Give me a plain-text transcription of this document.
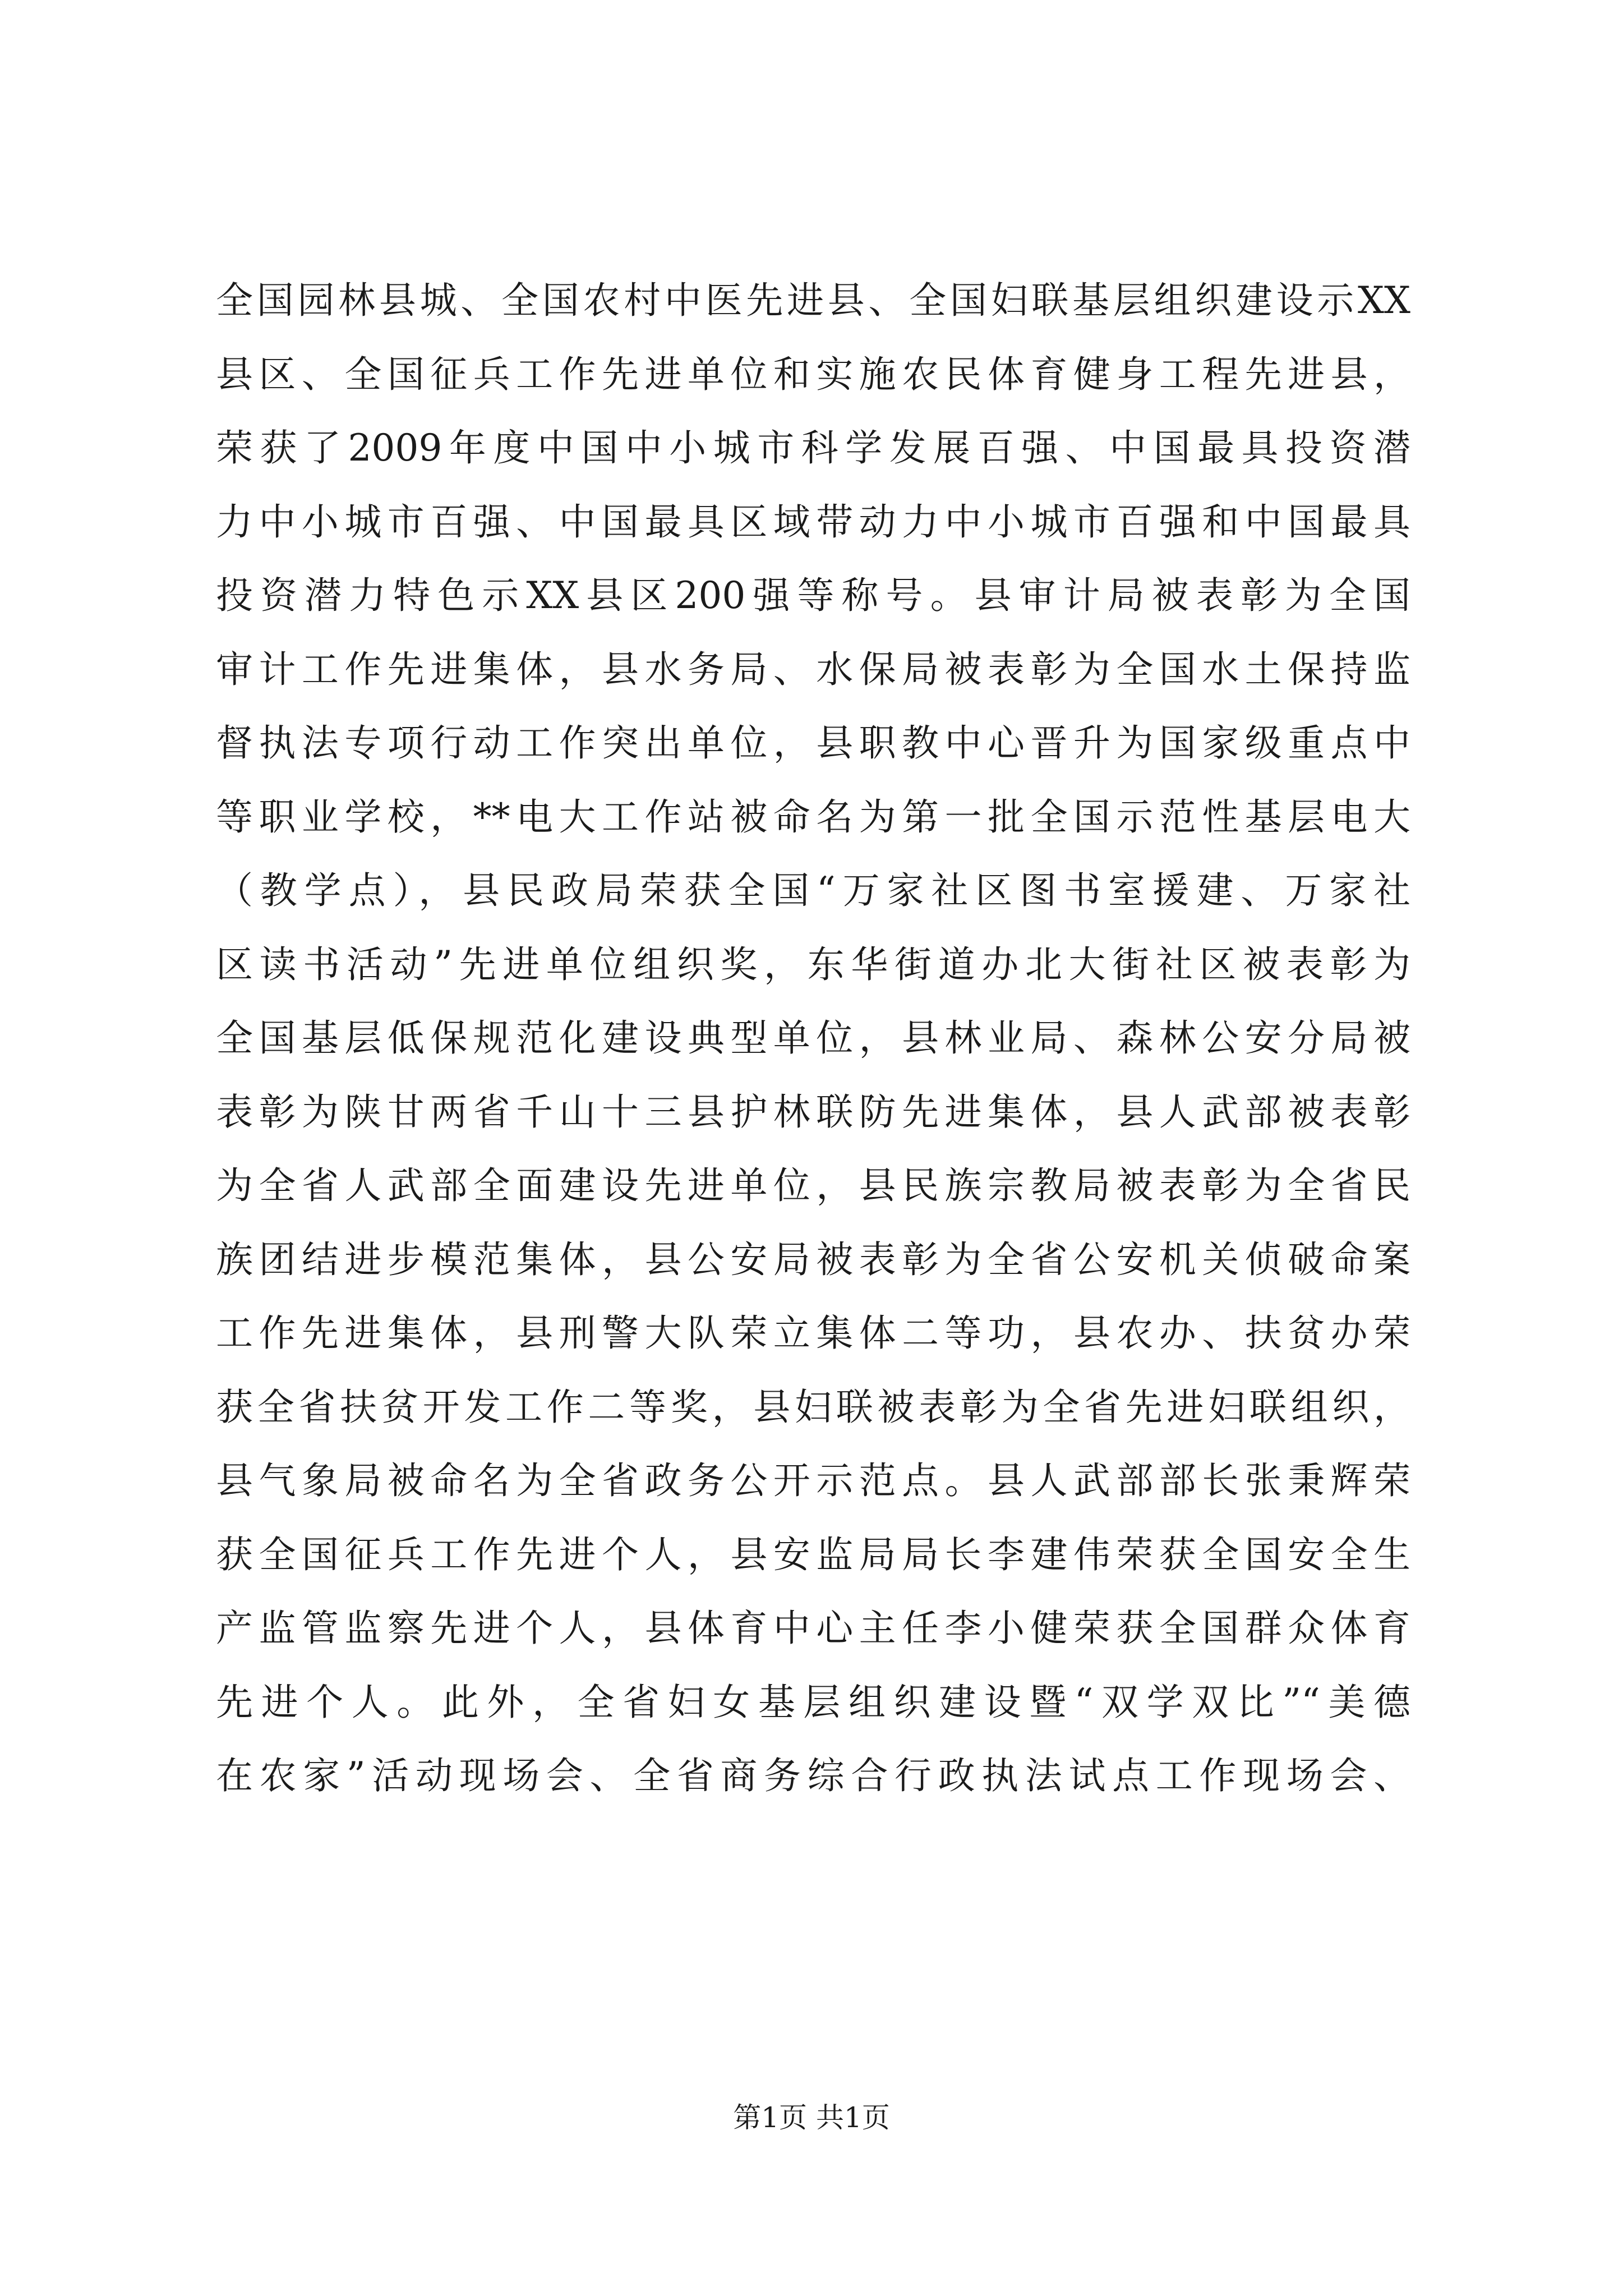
全国园林县城、全国农村中医先进县、全国妇联基层组织建设示XX
县区、全国征兵工作先进单位和实施农民体育健身工程先进县，
荣获了2009年度中国中小城市科学发展百强、中国最具投资潜
力中小城市百强、中国最具区域带动力中小城市百强和中国最具
投资潜力特色示XX县区200强等称号。县审计局被表彰为全国
审计工作先进集体，县水务局、水保局被表彰为全国水土保持监
督执法专项行动工作突出单位，县职教中心晋升为国家级重点中
等职业学校，**电大工作站被命名为第一批全国示范性基层电大
（教学点），县民政局荣获全国“万家社区图书室援建、万家社
区读书活动”先进单位组织奖，东华街道办北大街社区被表彰为
全国基层低保规范化建设典型单位，县林业局、森林公安分局被
表彰为陕甘两省千山十三县护林联防先进集体，县人武部被表彰
为全省人武部全面建设先进单位，县民族宗教局被表彰为全省民
族团结进步模范集体，县公安局被表彰为全省公安机关侦破命案
工作先进集体，县刑警大队荣立集体二等功，县农办、扶贫办荣
获全省扶贫开发工作二等奖，县妇联被表彰为全省先进妇联组织，
县气象局被命名为全省政务公开示范点。县人武部部长张秉辉荣
获全国征兵工作先进个人，县安监局局长李建伟荣获全国安全生
产监管监察先进个人，县体育中心主任李小健荣获全国群众体育
先进个人。此外，全省妇女基层组织建设暨“双学双比”“美德
在农家”活动现场会、全省商务综合行政执法试点工作现场会、
第1页 共1页
